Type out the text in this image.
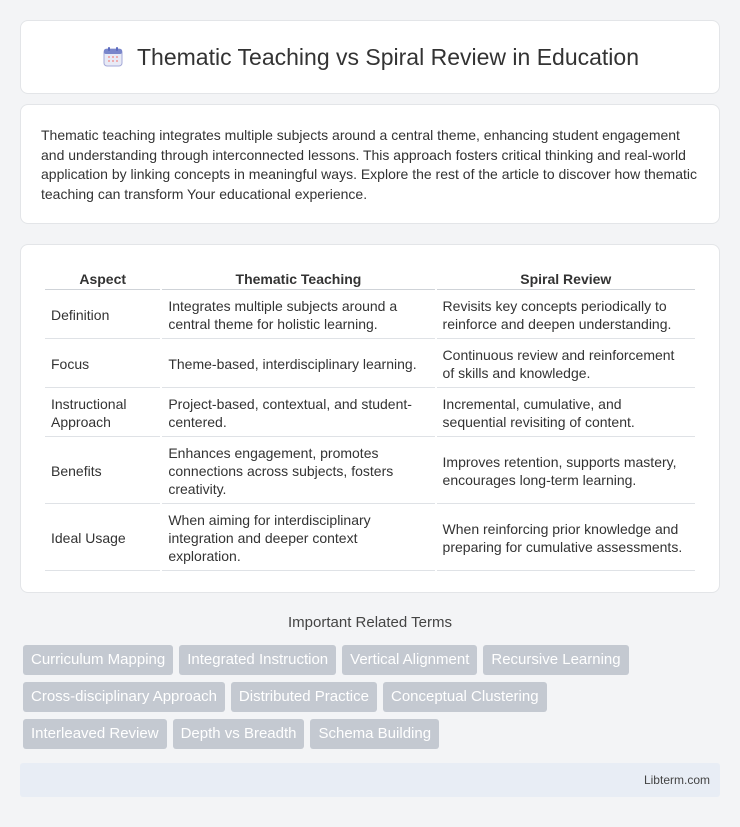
Thematic Teaching vs Spiral Review in Education

Thematic teaching integrates multiple subjects around a central theme, enhancing student engagement and understanding through interconnected lessons. This approach fosters critical thinking and real-world application by linking concepts in meaningful ways. Explore the rest of the article to discover how thematic teaching can transform Your educational experience.

Aspect	Thematic Teaching	Spiral Review
Definition	Integrates multiple subjects around a central theme for holistic learning.	Revisits key concepts periodically to reinforce and deepen understanding.
Focus	Theme-based, interdisciplinary learning.	Continuous review and reinforcement of skills and knowledge.
Instructional Approach	Project-based, contextual, and student-centered.	Incremental, cumulative, and sequential revisiting of content.
Benefits	Enhances engagement, promotes connections across subjects, fosters creativity.	Improves retention, supports mastery, encourages long-term learning.
Ideal Usage	When aiming for interdisciplinary integration and deeper context exploration.	When reinforcing prior knowledge and preparing for cumulative assessments.
Important Related Terms
Curriculum Mapping	Integrated Instruction	Vertical Alignment	Recursive Learning
Cross-disciplinary Approach	Distributed Practice	Conceptual Clustering
Interleaved Review	Depth vs Breadth	Schema Building
Libterm.com
